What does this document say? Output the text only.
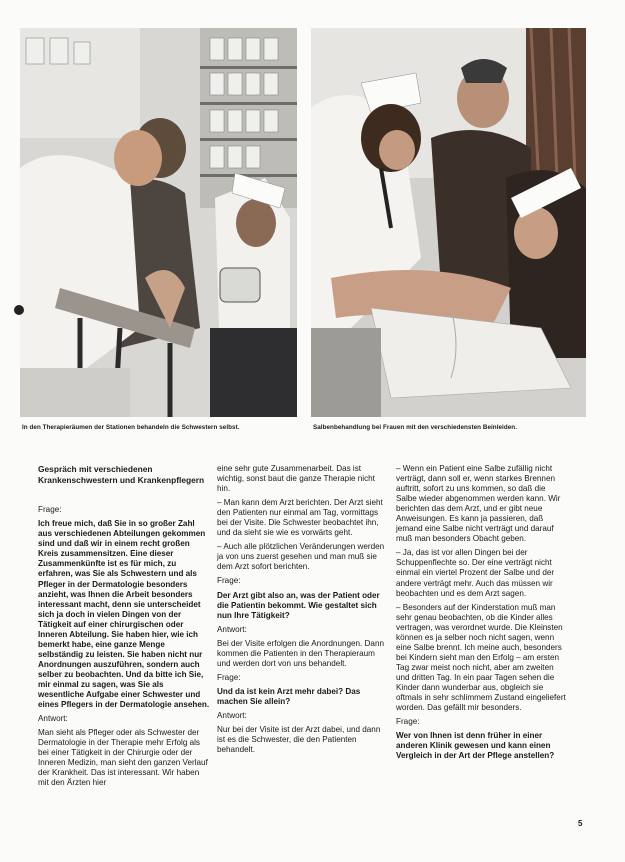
In den Therapieräumen der Stationen behandeln die Schwestern selbst.	Salbenbehandlung bei Frauen mit den verschiedensten Beinleiden.

Gespräch mit verschiedenen Krankenschwestern und Krankenpflegern

Frage:

Ich freue mich, daß Sie in so großer Zahl aus verschiedenen Abteilungen gekommen sind und daß wir in einem recht großen Kreis zusammensitzen. Eine dieser Zusammenkünfte ist es für mich, zu erfahren, was Sie als Schwestern und als Pfleger in der Dermatologie besonders anzieht, was Ihnen die Arbeit besonders interessant macht, denn sie unterscheidet sich ja doch in vielen Dingen von der Tätigkeit auf einer chirurgischen oder Inneren Abteilung. Sie haben hier, wie ich bemerkt habe, eine ganze Menge selbständig zu leisten. Sie haben nicht nur Anordnungen auszuführen, sondern auch selber zu beobachten. Und da bitte ich Sie, mir einmal zu sagen, was Sie als wesentliche Aufgabe einer Schwester und eines Pflegers in der Dermatologie ansehen.

Antwort:

Man sieht als Pfleger oder als Schwester der Dermatologie in der Therapie mehr Erfolg als bei einer Tätigkeit in der Chirurgie oder der Inneren Medizin, man sieht den ganzen Verlauf der Krankheit. Das ist interessant. Wir haben mit den Ärzten hier

eine sehr gute Zusammenarbeit. Das ist wichtig, sonst baut die ganze Therapie nicht hin.

– Man kann dem Arzt berichten. Der Arzt sieht den Patienten nur einmal am Tag, vormittags bei der Visite. Die Schwester beobachtet ihn, und da sieht sie wie es vorwärts geht.

– Auch alle plötzlichen Veränderungen werden ja von uns zuerst gesehen und man muß sie dem Arzt sofort berichten.

Frage:

Der Arzt gibt also an, was der Patient oder die Patientin bekommt. Wie gestaltet sich nun Ihre Tätigkeit?

Antwort:

Bei der Visite erfolgen die Anordnungen. Dann kommen die Patienten in den Therapieraum und werden dort von uns behandelt.

Frage:

Und da ist kein Arzt mehr dabei? Das machen Sie allein?

Antwort:

Nur bei der Visite ist der Arzt dabei, und dann ist es die Schwester, die den Patienten behandelt.

– Wenn ein Patient eine Salbe zufällig nicht verträgt, dann soll er, wenn starkes Brennen auftritt, sofort zu uns kommen, so daß die Salbe wieder abgenommen werden kann. Wir berichten das dem Arzt, und er gibt neue Anweisungen. Es kann ja passieren, daß jemand eine Salbe nicht verträgt und darauf muß man besonders Obacht geben.

– Ja, das ist vor allen Dingen bei der Schuppenflechte so. Der eine verträgt nicht einmal ein viertel Prozent der Salbe und der andere verträgt mehr. Auch das müssen wir beobachten und es dem Arzt sagen.

– Besonders auf der Kinderstation muß man sehr genau beobachten, ob die Kinder alles vertragen, was verordnet wurde. Die Kleinsten können es ja selber noch nicht sagen, wenn eine Salbe brennt. Ich meine auch, besonders bei Kindern sieht man den Erfolg – am ersten Tag zwar meist noch nicht, aber am zweiten und dritten Tag. In ein paar Tagen sehen die Kinder dann wunderbar aus, obgleich sie oftmals in sehr schlimmem Zustand eingeliefert worden. Das gefällt mir besonders.

Frage:

Wer von Ihnen ist denn früher in einer anderen Klinik gewesen und kann einen Vergleich in der Art der Pflege anstellen?

5
